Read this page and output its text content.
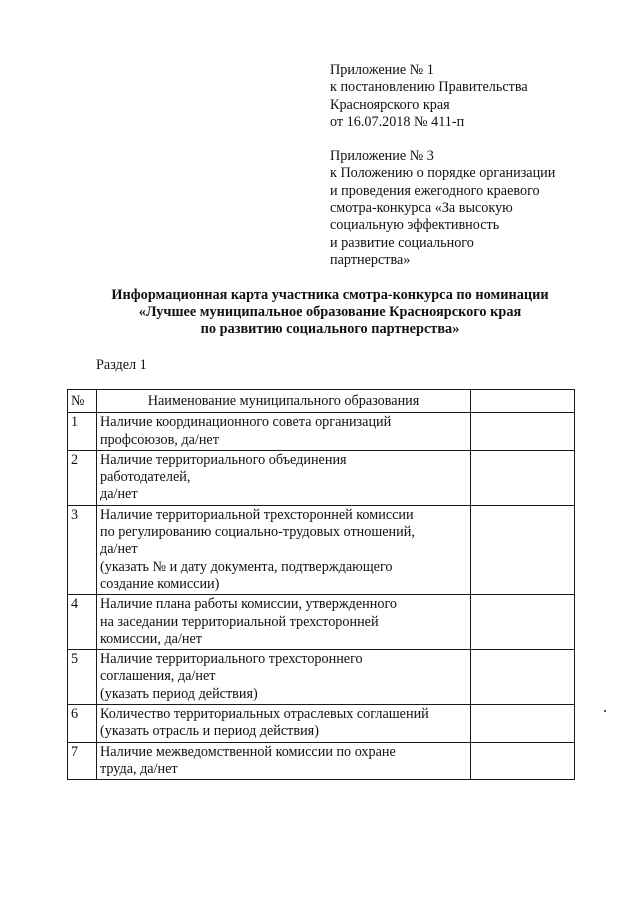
Приложение № 1
к постановлению Правительства
Красноярского края
от 16.07.2018 № 411-п
Приложение № 3
к Положению о порядке организации
и проведения ежегодного краевого
смотра-конкурса «За высокую
социальную эффективность
и развитие социального
партнерства»
Информационная карта участника смотра-конкурса по номинации
«Лучшее муниципальное образование Красноярского края
по развитию социального партнерства»
Раздел 1
№	Наименование муниципального образования	
1	Наличие координационного совета организаций
профсоюзов, да/нет	
2	Наличие территориального объединения
работодателей,
да/нет	
3	Наличие территориальной трехсторонней комиссии
по регулированию социально-трудовых отношений,
да/нет
(указать № и дату документа, подтверждающего
создание комиссии)	
4	Наличие плана работы комиссии, утвержденного
на заседании территориальной трехсторонней
комиссии, да/нет	
5	Наличие территориального трехстороннего
соглашения, да/нет
(указать период действия)	
6	Количество территориальных отраслевых соглашений
(указать отрасль и период действия)	
7	Наличие межведомственной комиссии по охране
труда, да/нет	
